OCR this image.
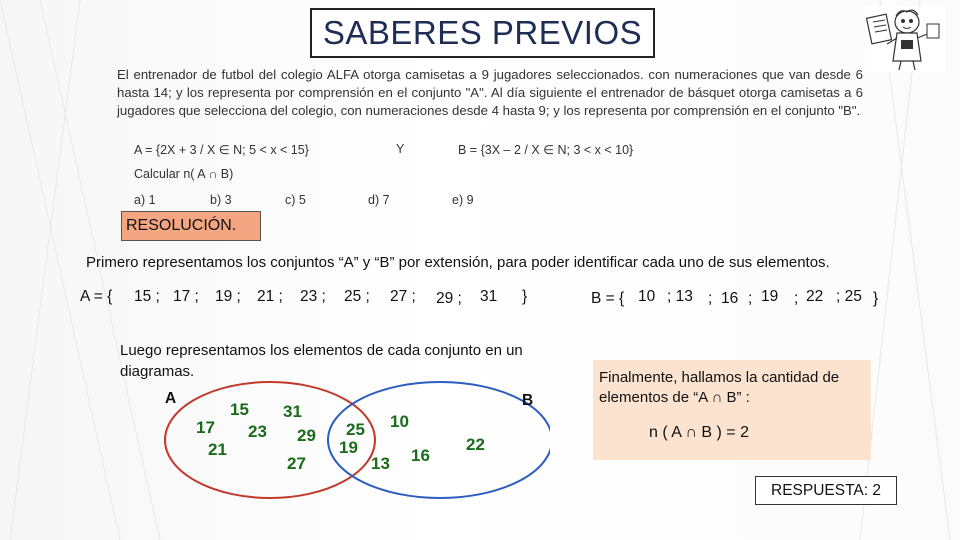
SABERES PREVIOS
El entrenador de futbol del colegio ALFA otorga camisetas a 9 jugadores seleccionados. con numeraciones que van desde 6 hasta 14; y los representa por comprensión en el conjunto "A". Al día siguiente el entrenador de básquet otorga camisetas a 6 jugadores que selecciona del colegio, con numeraciones desde 4 hasta 9; y los representa por comprensión en el conjunto "B".
A = {2X + 3 / X ∈ N; 5 < x < 15}	Y	B = {3X – 2 / X ∈ N; 3 < x < 10}
Calcular n( A ∩ B)
a) 1	b) 3	c) 5	d) 7	e) 9
RESOLUCIÓN.
Primero representamos los conjuntos “A” y “B” por extensión, para poder identificar cada uno de sus elementos.
A = { 15 ; 17 ; 19 ; 21 ; 23 ; 25 ; 27 ; 29 ; 31 }	B = { 10 ; 13 ; 16 ; 19 ; 22 ; 25 }
Luego representamos los elementos de cada conjunto en un diagramas.
A	B
15 31
17 23 29
21
27
25
19
10
16
13
22
Finalmente, hallamos la cantidad de elementos de “A ∩ B” :
n ( A ∩ B ) = 2
RESPUESTA: 2
